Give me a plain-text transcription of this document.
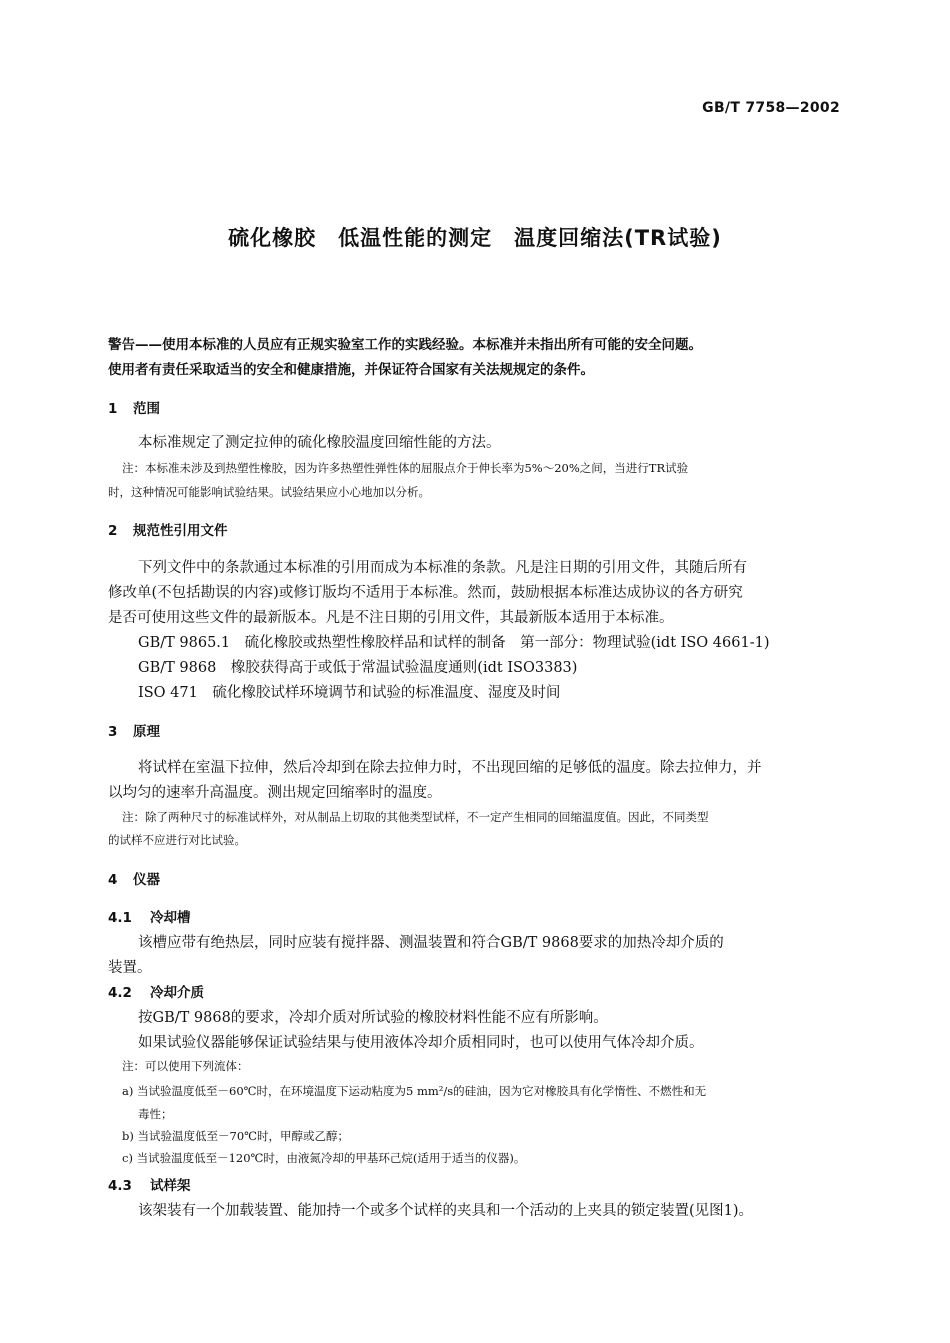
GB/T 7758—2002
硫化橡胶　低温性能的测定　温度回缩法(TR试验)
警告——使用本标准的人员应有正规实验室工作的实践经验。本标准并未指出所有可能的安全问题。
使用者有责任采取适当的安全和健康措施，并保证符合国家有关法规规定的条件。
1 范围
本标准规定了测定拉伸的硫化橡胶温度回缩性能的方法。
注：本标准未涉及到热塑性橡胶，因为许多热塑性弹性体的屈服点介于伸长率为5%～20%之间，当进行TR试验
时，这种情况可能影响试验结果。试验结果应小心地加以分析。
2 规范性引用文件
下列文件中的条款通过本标准的引用而成为本标准的条款。凡是注日期的引用文件，其随后所有
修改单(不包括勘误的内容)或修订版均不适用于本标准。然而，鼓励根据本标准达成协议的各方研究
是否可使用这些文件的最新版本。凡是不注日期的引用文件，其最新版本适用于本标准。
GB/T 9865.1　硫化橡胶或热塑性橡胶样品和试样的制备　第一部分：物理试验(idt ISO 4661-1)
GB/T 9868　橡胶获得高于或低于常温试验温度通则(idt ISO3383)
ISO 471　硫化橡胶试样环境调节和试验的标准温度、湿度及时间
3 原理
将试样在室温下拉伸，然后冷却到在除去拉伸力时，不出现回缩的足够低的温度。除去拉伸力，并
以均匀的速率升高温度。测出规定回缩率时的温度。
注：除了两种尺寸的标准试样外，对从制品上切取的其他类型试样，不一定产生相同的回缩温度值。因此，不同类型
的试样不应进行对比试验。
4 仪器
4.1 冷却槽
该槽应带有绝热层，同时应装有搅拌器、测温装置和符合GB/T 9868要求的加热冷却介质的
装置。
4.2 冷却介质
按GB/T 9868的要求，冷却介质对所试验的橡胶材料性能不应有所影响。
如果试验仪器能够保证试验结果与使用液体冷却介质相同时，也可以使用气体冷却介质。
注：可以使用下列流体：
a) 当试验温度低至－60℃时，在环境温度下运动粘度为5 mm²/s的硅油，因为它对橡胶具有化学惰性、不燃性和无
毒性；
b) 当试验温度低至－70℃时，甲醇或乙醇；
c) 当试验温度低至－120℃时，由液氮冷却的甲基环己烷(适用于适当的仪器)。
4.3 试样架
该架装有一个加载装置、能加持一个或多个试样的夹具和一个活动的上夹具的锁定装置(见图1)。
